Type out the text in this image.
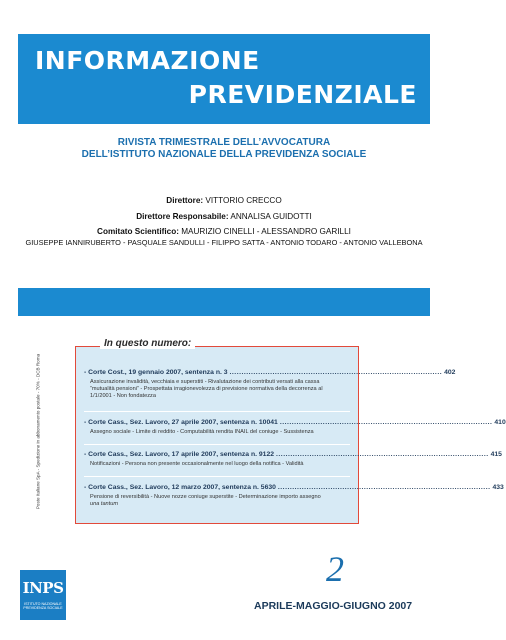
INFORMAZIONE
PREVIDENZIALE
RIVISTA TRIMESTRALE DELL’AVVOCATURA
DELL’ISTITUTO NAZIONALE DELLA PREVIDENZA SOCIALE
Direttore: VITTORIO CRECCO
Direttore Responsabile: ANNALISA GUIDOTTI
Comitato Scientifico: MAURIZIO CINELLI - ALESSANDRO GARILLI
GIUSEPPE IANNIRUBERTO - PASQUALE SANDULLI - FILIPPO SATTA - ANTONIO TODARO - ANTONIO VALLEBONA
Poste Italiane SpA - Spedizione in abbonamento postale - 70% - DCB Roma
In questo numero:
- Corte Cost., 19 gennaio 2007, sentenza n. 3 ......................................................................................... 402
Assicurazione invalidità, vecchiaia e superstiti - Rivalutazione dei contributi versati alla cassa “mutualità pensioni” - Prospettata irragionevolezza di previsione normativa della decorrenza al 1/1/2001 - Non fondatezza
- Corte Cass., Sez. Lavoro, 27 aprile 2007, sentenza n. 10041 ......................................................................................... 410
Assegno sociale - Limite di reddito - Computabilità rendita INAIL del coniuge - Sussistenza
- Corte Cass., Sez. Lavoro, 17 aprile 2007, sentenza n. 9122 ......................................................................................... 415
Notificazioni - Persona non presente occasionalmente nel luogo della notifica - Validità
- Corte Cass., Sez. Lavoro, 12 marzo 2007, sentenza n. 5630 ......................................................................................... 433
Pensione di reversibilità - Nuove nozze coniuge superstite - Determinazione importo assegno
una tantum
INPS
ISTITUTO NAZIONALE
PREVIDENZA SOCIALE
2
APRILE-MAGGIO-GIUGNO 2007
